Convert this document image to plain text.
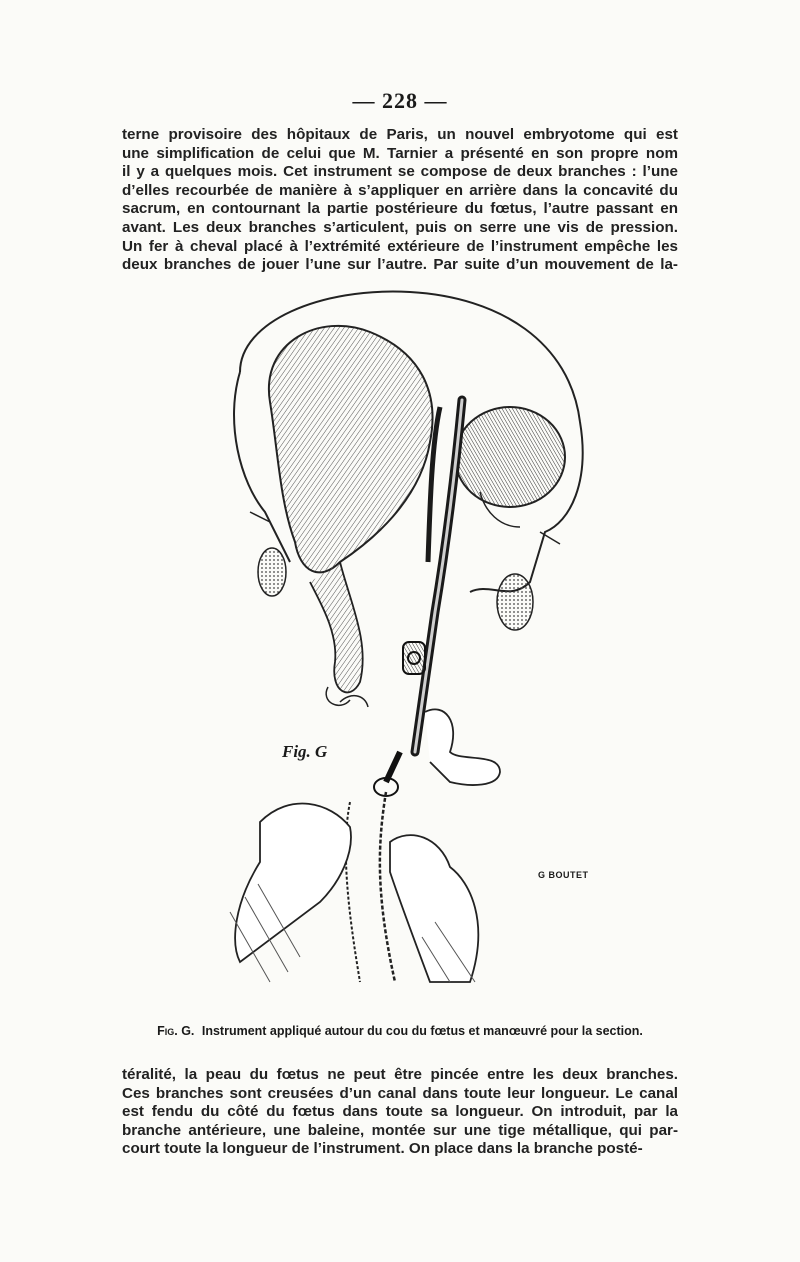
— 228 —
terne provisoire des hôpitaux de Paris, un nouvel embryotome qui est
une simplification de celui que M. Tarnier a présenté en son propre nom
il y a quelques mois. Cet instrument se compose de deux branches : l’une
d’elles recourbée de manière à s’appliquer en arrière dans la concavité du
sacrum, en contournant la partie postérieure du fœtus, l’autre passant en
avant. Les deux branches s’articulent, puis on serre une vis de pression.
Un fer à cheval placé à l’extrémité extérieure de l’instrument empêche les
deux branches de jouer l’une sur l’autre. Par suite d’un mouvement de la-
Fig. G
G BOUTET
Fig. G. Instrument appliqué autour du cou du fœtus et manœuvré pour la section.
téralité, la peau du fœtus ne peut être pincée entre les deux branches.
Ces branches sont creusées d’un canal dans toute leur longueur. Le canal
est fendu du côté du fœtus dans toute sa longueur. On introduit, par la
branche antérieure, une baleine, montée sur une tige métallique, qui par-
court toute la longueur de l’instrument. On place dans la branche posté-
